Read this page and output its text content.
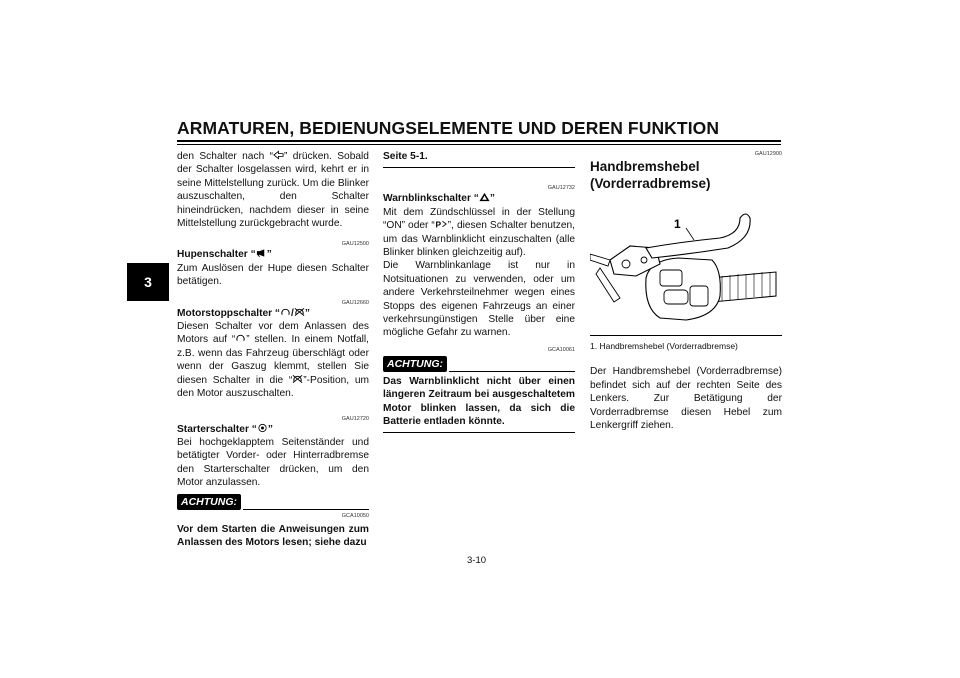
ARMATUREN, BEDIENUNGSELEMENTE UND DEREN FUNKTION
3

den Schalter nach “ ” drücken. Sobald der Schalter losgelassen wird, kehrt er in seine Mittelstellung zurück. Um die Blinker auszuschalten, den Schalter hineindrücken, nachdem dieser in seine Mittelstellung zurückgebracht wurde.

GAU12500

Hupenschalter “ ”

Zum Auslösen der Hupe diesen Schalter betätigen.

GAU12660

Motorstoppschalter “ / ”

Diesen Schalter vor dem Anlassen des Motors auf “ ” stellen. In einem Notfall, z.B. wenn das Fahrzeug überschlägt oder wenn der Gaszug klemmt, stellen Sie diesen Schalter in die “ ”-Position, um den Motor auszuschalten.

GAU12720

Starterschalter “ ”

Bei hochgeklapptem Seitenständer und betätigter Vorder- oder Hinterradbremse den Starterschalter drücken, um den Motor anzulassen.

ACHTUNG:
GCA10050

Vor dem Starten die Anweisungen zum Anlassen des Motors lesen; siehe dazu

Seite 5-1.

GAU12732

Warnblinkschalter “ ”

Mit dem Zündschlüssel in der Stellung “ON” oder “ P ”, diesen Schalter benutzen, um das Warnblinklicht einzuschalten (alle Blinker blinken gleichzeitig auf).

Die Warnblinkanlage ist nur in Notsituationen zu verwenden, oder um andere Verkehrsteilnehmer wegen eines Stopps des eigenen Fahrzeugs an einer verkehrsungünstigen Stelle über eine mögliche Gefahr zu warnen.

GCA10061
ACHTUNG:

Das Warnblinklicht nicht über einen längeren Zeitraum bei ausgeschaltetem Motor blinken lassen, da sich die Batterie entladen könnte.

GAU12900
Handbremshebel (Vorderradbremse)
1
1. Handbremshebel (Vorderradbremse)

Der Handbremshebel (Vorderradbremse) befindet sich auf der rechten Seite des Lenkers. Zur Betätigung der Vorderradbremse diesen Hebel zum Lenkergriff ziehen.

3-10
